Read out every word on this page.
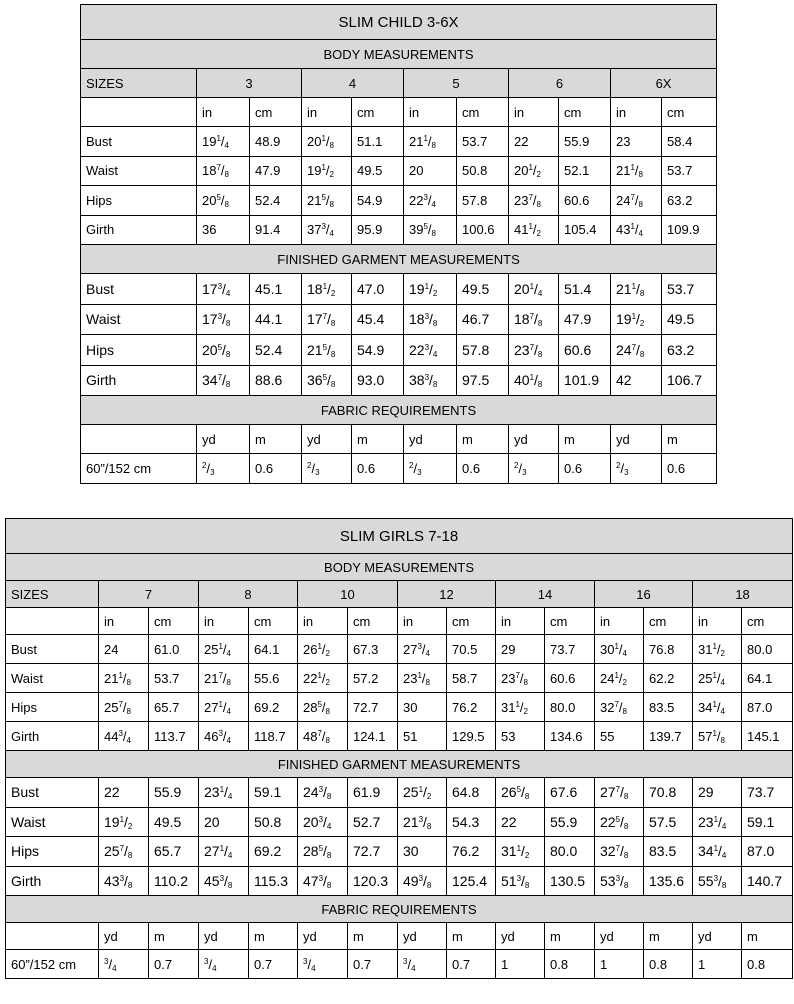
SLIM CHILD 3-6X										
BODY MEASUREMENTS										
SIZES	3		4		5		6		6X	
	in	cm	in	cm	in	cm	in	cm	in	cm
Bust	$19^1/_4$	48.9	$20^1/_8$	51.1	$21^1/_8$	53.7	22	55.9	23	58.4
Waist	$18^7/_8$	47.9	$19^1/_2$	49.5	20	50.8	$20^1/_2$	52.1	$21^1/_8$	53.7
Hips	$20^5/_8$	52.4	$21^5/_8$	54.9	$22^3/_4$	57.8	$23^7/_8$	60.6	$24^7/_8$	63.2
Girth	36	91.4	$37^3/_4$	95.9	$39^5/_8$	100.6	$41^1/_2$	105.4	$43^1/_4$	109.9
FINISHED GARMENT MEASUREMENTS										
Bust	$17^3/_4$	45.1	$18^1/_2$	47.0	$19^1/_2$	49.5	$20^1/_4$	51.4	$21^1/_8$	53.7
Waist	$17^3/_8$	44.1	$17^7/_8$	45.4	$18^3/_8$	46.7	$18^7/_8$	47.9	$19^1/_2$	49.5
Hips	$20^5/_8$	52.4	$21^5/_8$	54.9	$22^3/_4$	57.8	$23^7/_8$	60.6	$24^7/_8$	63.2
Girth	$34^7/_8$	88.6	$36^5/_8$	93.0	$38^3/_8$	97.5	$40^1/_8$	101.9	42	106.7
FABRIC REQUIREMENTS										
	yd	m	yd	m	yd	m	yd	m	yd	m
60”/152 cm	$^2/_3$	0.6	$^2/_3$	0.6	$^2/_3$	0.6	$^2/_3$	0.6	$^2/_3$	0.6
SLIM GIRLS 7-18														
BODY MEASUREMENTS														
SIZES	7		8		10		12		14		16		18	
	in	cm	in	cm	in	cm	in	cm	in	cm	in	cm	in	cm
Bust	24	61.0	$25^1/_4$	64.1	$26^1/_2$	67.3	$27^3/_4$	70.5	29	73.7	$30^1/_4$	76.8	$31^1/_2$	80.0
Waist	$21^1/_8$	53.7	$21^7/_8$	55.6	$22^1/_2$	57.2	$23^1/_8$	58.7	$23^7/_8$	60.6	$24^1/_2$	62.2	$25^1/_4$	64.1
Hips	$25^7/_8$	65.7	$27^1/_4$	69.2	$28^5/_8$	72.7	30	76.2	$31^1/_2$	80.0	$32^7/_8$	83.5	$34^1/_4$	87.0
Girth	$44^3/_4$	113.7	$46^3/_4$	118.7	$48^7/_8$	124.1	51	129.5	53	134.6	55	139.7	$57^1/_8$	145.1
FINISHED GARMENT MEASUREMENTS														
Bust	22	55.9	$23^1/_4$	59.1	$24^3/_8$	61.9	$25^1/_2$	64.8	$26^5/_8$	67.6	$27^7/_8$	70.8	29	73.7
Waist	$19^1/_2$	49.5	20	50.8	$20^3/_4$	52.7	$21^3/_8$	54.3	22	55.9	$22^5/_8$	57.5	$23^1/_4$	59.1
Hips	$25^7/_8$	65.7	$27^1/_4$	69.2	$28^5/_8$	72.7	30	76.2	$31^1/_2$	80.0	$32^7/_8$	83.5	$34^1/_4$	87.0
Girth	$43^3/_8$	110.2	$45^3/_8$	115.3	$47^3/_8$	120.3	$49^3/_8$	125.4	$51^3/_8$	130.5	$53^3/_8$	135.6	$55^3/_8$	140.7
FABRIC REQUIREMENTS														
	yd	m	yd	m	yd	m	yd	m	yd	m	yd	m	yd	m
60”/152 cm	$^3/_4$	0.7	$^3/_4$	0.7	$^3/_4$	0.7	$^3/_4$	0.7	1	0.8	1	0.8	1	0.8
